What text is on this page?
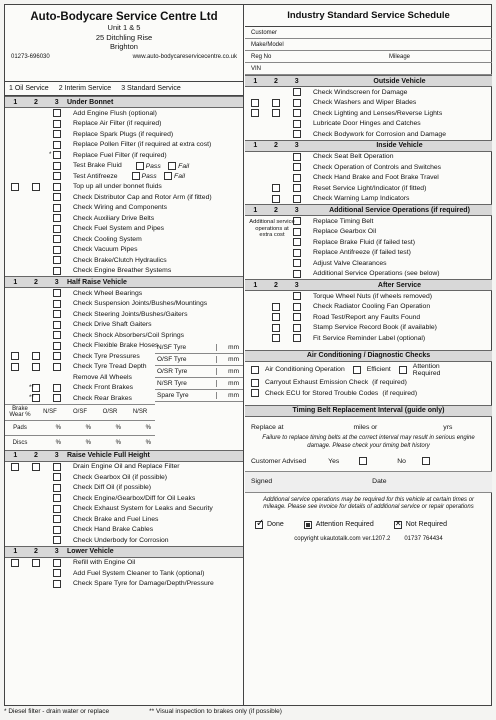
Auto-Bodycare Service Centre Ltd
Unit 1 & 5
25 Ditchling Rise
Brighton
01273-696030	www.auto-bodycareservicecentre.co.uk
1 Oil Service 2 Interim Service 3 Standard Service
1 2 3 Under Bonnet
Add Engine Flush (optional)
Replace Air Filter (if required)
Replace Spark Plugs (if required)
Replace Pollen Filter (if required at extra cost)
Replace Fuel Filter (if required)
*
Test Brake Fluid	Pass     Fail
Test Antifreeze	Pass     Fail
Top up all under bonnet fluids
Check Distributor Cap and Rotor Arm (if fitted)
Check Wiring and Components
Check Auxiliary Drive Belts
Check Fuel System and Pipes
Check Cooling System
Check Vacuum Pipes
Check Brake/Clutch Hydraulics
Check Engine Breather Systems
1 2 3 Half Raise Vehicle
Check Wheel Bearings
Check Suspension Joints/Bushes/Mountings
Check Steering Joints/Bushes/Gaiters
Check Drive Shaft Gaiters
Check Shock Absorbers/Coil Springs
Check Flexible Brake Hoses
Check Tyre Pressures
Check Tyre Tread Depth
Remove All Wheels
Check Front Brakes
**
Check Rear Brakes
**
N/SF Tyre	mm
O/SF Tyre	mm
O/SR Tyre	mm
N/SR Tyre	mm
Spare Tyre	mm
Brake Wear %	N/SF	O/SF	O/SR	N/SR
Pads	%	%	%	%
Discs	%	%	%	%
1 2 3 Raise Vehicle Full Height
Drain Engine Oil and Replace Filter
Check Gearbox Oil (if possible)
Check Diff Oil (if possible)
Check Engine/Gearbox/Diff for Oil Leaks
Check Exhaust System for Leaks and Security
Check Brake and Fuel Lines
Check Hand Brake Cables
Check Underbody for Corrosion
1 2 3 Lower Vehicle
Refill with Engine Oil
Add Fuel System Cleaner to Tank (optional)
Check Spare Tyre for Damage/Depth/Pressure
Industry Standard Service Schedule
Customer
Make/Model
Reg No	Mileage
VIN
1 2 3	Outside Vehicle
Check Windscreen for Damage
Check Washers and Wiper Blades
Check Lighting and Lenses/Reverse Lights
Lubricate Door Hinges and Catches
Check Bodywork for Corrosion and Damage
1 2 3	Inside Vehicle
Check Seat Belt Operation
Check Operation of Controls and Switches
Check Hand Brake and Foot Brake Travel
Reset Service Light/Indicator (if fitted)
Check Warning Lamp Indicators
1 2 3	Additional Service Operations (if required)
Replace Timing Belt
Replace Gearbox Oil
Replace Brake Fluid (if failed test)
Replace Antifreeze (if failed test)
Adjust Valve Clearances
Additional Service Operations (see below)
Additional service operations at extra cost
1 2 3	After Service
Torque Wheel Nuts (if wheels removed)
Check Radiator Cooling Fan Operation
Road Test/Report any Faults Found
Stamp Service Record Book (if available)
Fit Service Reminder Label (optional)
Air Conditioning / Diagnostic Checks
Air Conditioning Operation	Efficient	Attention Required
Carryout Exhaust Emission Check (if required)
Check ECU for Stored Trouble Codes (if required)
Timing Belt Replacement Interval (guide only)
Replace at	miles or	yrs
Failure to replace timing belts at the correct interval may result in serious engine damage. Please check your timing belt history
Customer Advised	Yes	No
Signed	Date
Additional service operations may be required for this vehicle at certain times or mileage. Please see invoice for details of additional service or repair operations
✓ Done	Attention Required	✕ Not Required
copyright ukautotalk.com ver.1207.2 01737 764434
* Diesel filter - drain water or replace	** Visual inspection to brakes only (if possible)
